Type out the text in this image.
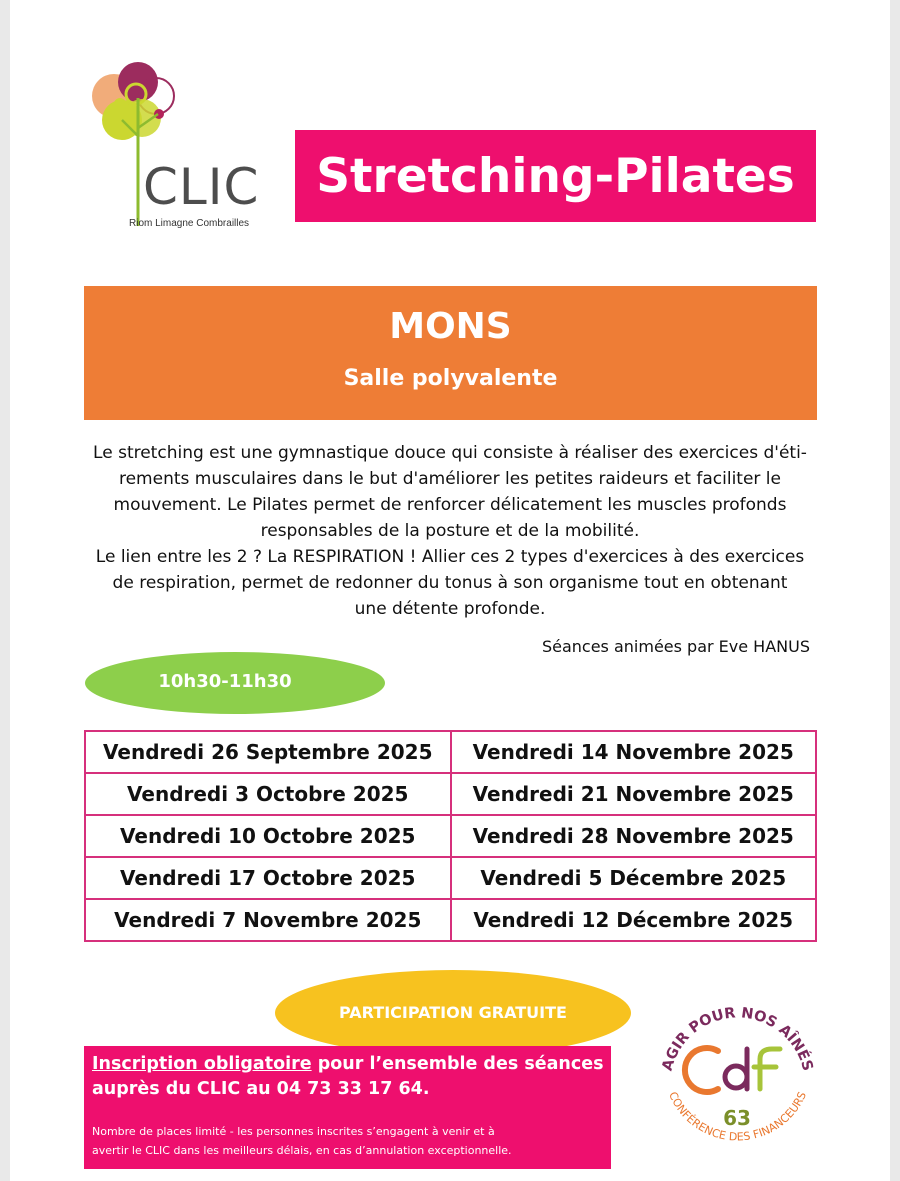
CLIC
Riom Limagne Combrailles
Stretching-Pilates
MONS
Salle polyvalente
Le stretching est une gymnastique douce qui consiste à réaliser des exercices d'éti-
rements musculaires dans le but d'améliorer les petites raideurs et faciliter le
mouvement. Le Pilates permet de renforcer délicatement les muscles profonds
responsables de la posture et de la mobilité.
Le lien entre les 2 ? La RESPIRATION ! Allier ces 2 types d'exercices à des exercices
de respiration, permet de redonner du tonus à son organisme tout en obtenant
une détente profonde.
Séances animées par Eve HANUS
10h30-11h30
Vendredi 26 Septembre 2025	Vendredi 14 Novembre 2025
Vendredi 3 Octobre 2025	Vendredi 21 Novembre 2025
Vendredi 10 Octobre 2025	Vendredi 28 Novembre 2025
Vendredi 17 Octobre 2025	Vendredi 5 Décembre 2025
Vendredi 7 Novembre 2025	Vendredi 12 Décembre 2025
PARTICIPATION GRATUITE
Inscription obligatoire pour l’ensemble des séances
auprès du CLIC au 04 73 33 17 64.
Nombre de places limité - les personnes inscrites s’engagent à venir et à
avertir le CLIC dans les meilleurs délais, en cas d’annulation exceptionnelle.
AGIR POUR NOS AÎNÉS
CONFÉRENCE DES FINANCEURS
63
